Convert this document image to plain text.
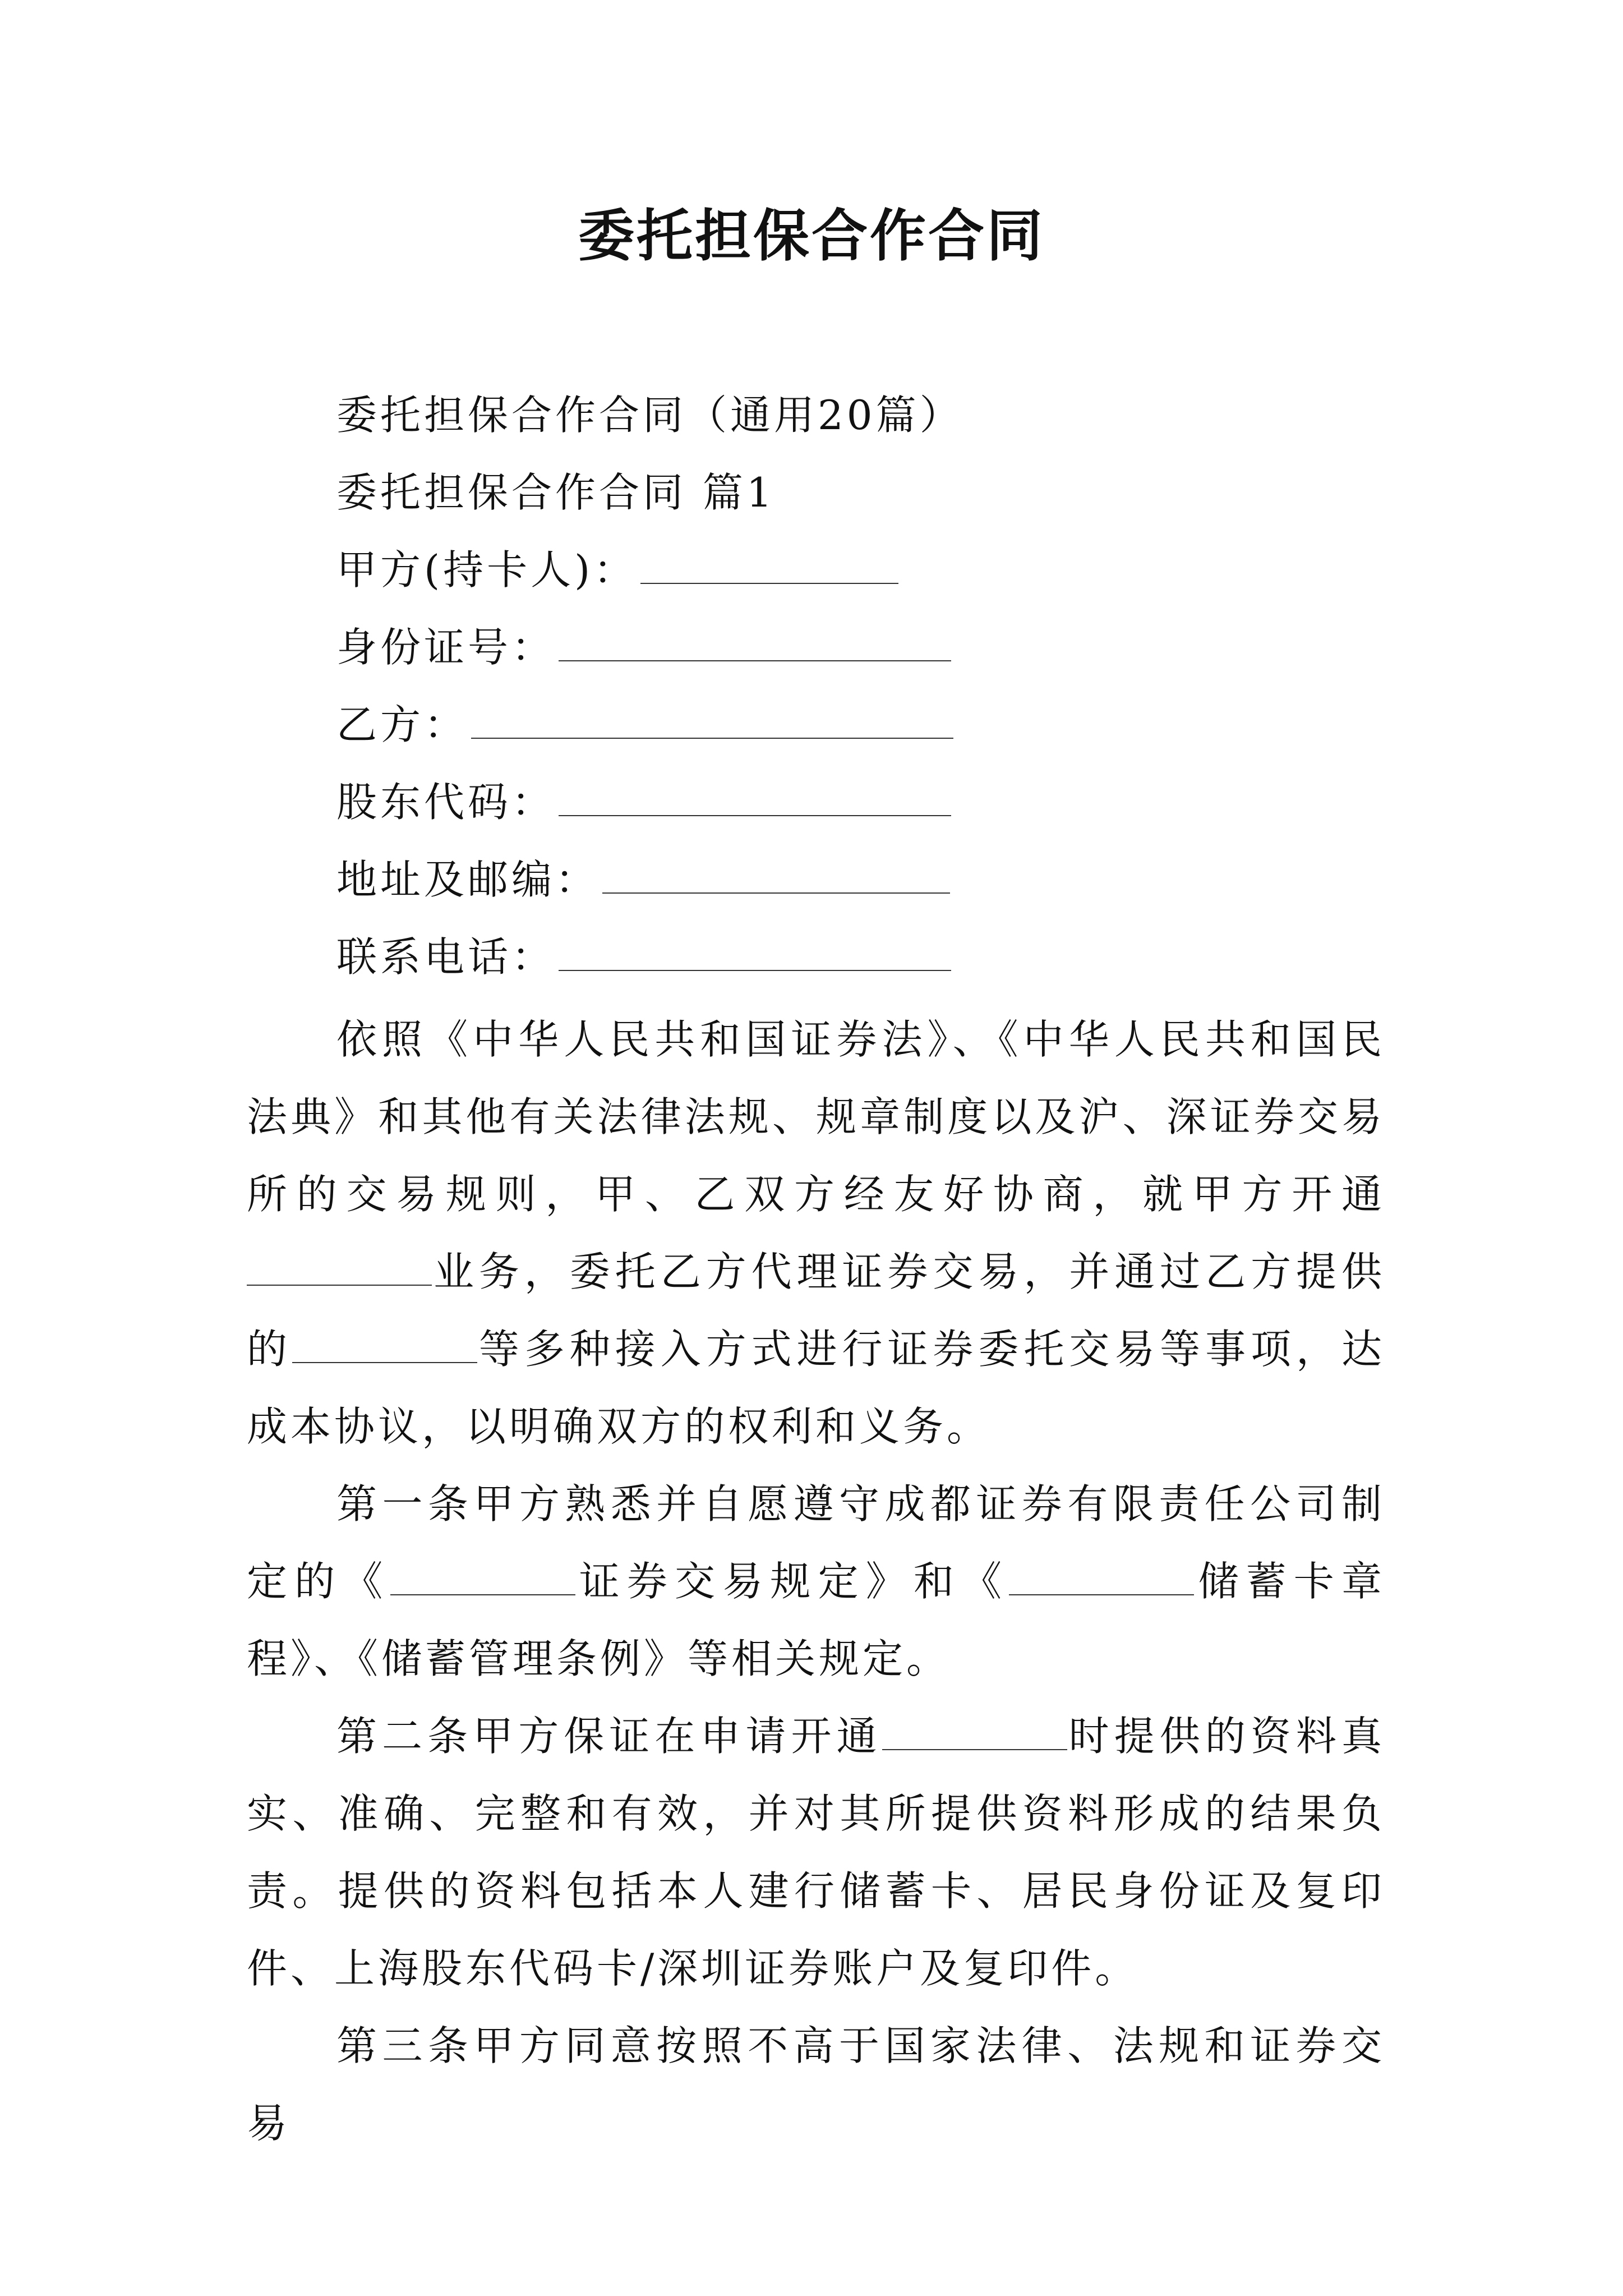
委托担保合作合同
委托担保合作合同（通用20篇）
委托担保合作合同 篇1
甲方(持卡人)：
身份证号：
乙方：
股东代码：
地址及邮编：
联系电话：
依照《中华人民共和国证券法》、《中华人民共和国民法典》和其他有关法律法规、规章制度以及沪、深证券交易所的交易规则，甲、乙双方经友好协商，就甲方开通业务，委托乙方代理证券交易，并通过乙方提供的	等多种接入方式进行证券委托交易等事项，达成本协议，以明确双方的权利和义务。
第一条甲方熟悉并自愿遵守成都证券有限责任公司制定的《	证券交易规定》和《	储蓄卡章程》、《储蓄管理条例》等相关规定。
第二条甲方保证在申请开通	时提供的资料真实、准确、完整和有效，并对其所提供资料形成的结果负责。提供的资料包括本人建行储蓄卡、居民身份证及复印件、上海股东代码卡/深圳证券账户及复印件。
第三条甲方同意按照不高于国家法律、法规和证券交易
